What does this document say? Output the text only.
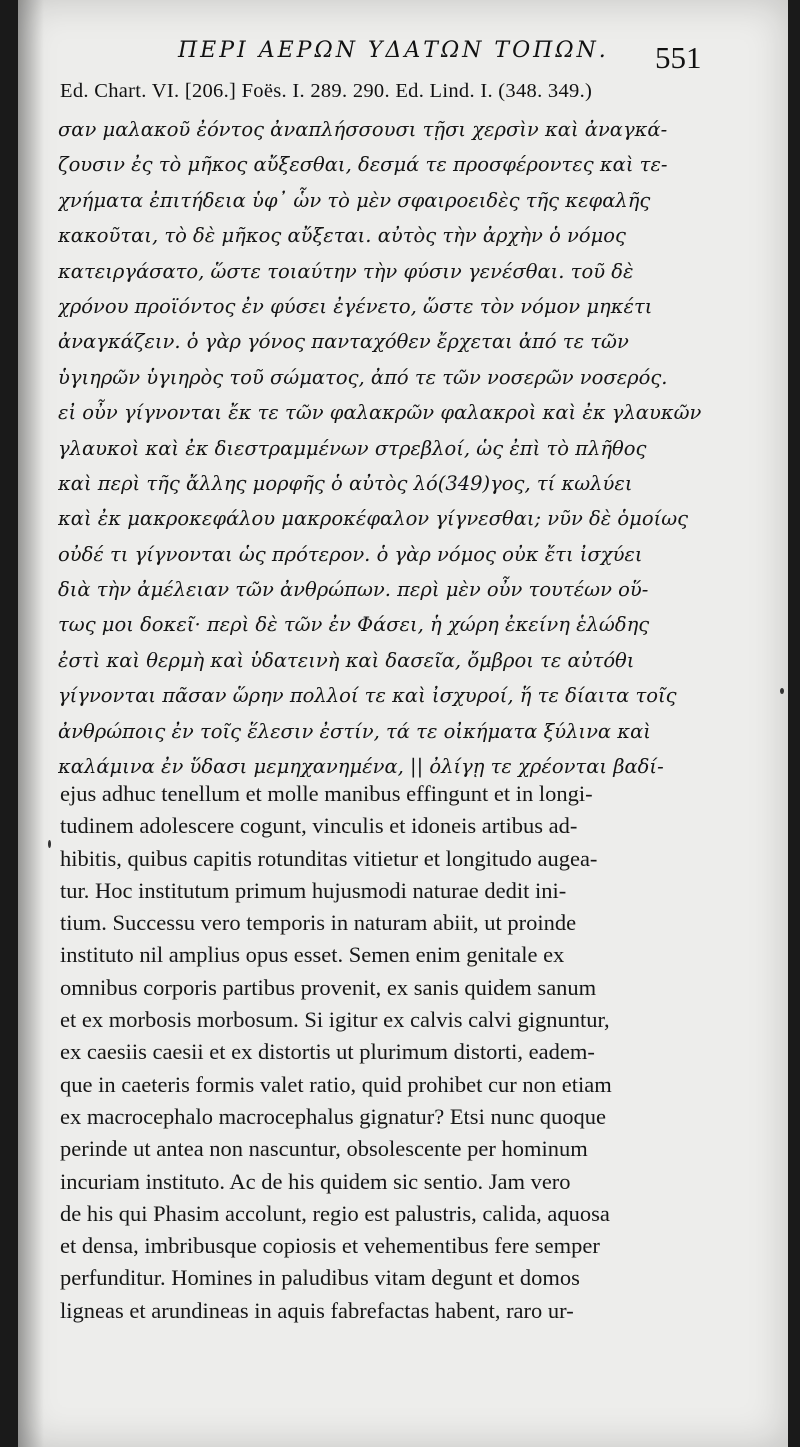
ΠΕΡΙ ΑΕΡΩΝ ΥΔΑΤΩΝ ΤΟΠΩΝ. 551
Ed. Chart. VI. [206.] Foës. I. 289. 290. Ed. Lind. I. (348. 349.)
σαν μαλακοῦ ἐόντος ἀναπλήσσουσι τῇσι χερσὶν καὶ ἀναγκά-
ζουσιν ἐς τὸ μῆκος αὔξεσθαι, δεσμά τε προσφέροντες καὶ τε-
χνήματα ἐπιτήδεια ὑφ᾽ ὧν τὸ μὲν σφαιροειδὲς τῆς κεφαλῆς
κακοῦται, τὸ δὲ μῆκος αὔξεται. αὐτὸς τὴν ἀρχὴν ὁ νόμος
κατειργάσατο, ὥστε τοιαύτην τὴν φύσιν γενέσθαι. τοῦ δὲ
χρόνου προϊόντος ἐν φύσει ἐγένετο, ὥστε τὸν νόμον μηκέτι
ἀναγκάζειν. ὁ γὰρ γόνος πανταχόθεν ἔρχεται ἀπό τε τῶν
ὑγιηρῶν ὑγιηρὸς τοῦ σώματος, ἀπό τε τῶν νοσερῶν νοσερός.
εἰ οὖν γίγνονται ἔκ τε τῶν φαλακρῶν φαλακροὶ καὶ ἐκ γλαυκῶν
γλαυκοὶ καὶ ἐκ διεστραμμένων στρεβλοί, ὡς ἐπὶ τὸ πλῆθος
καὶ περὶ τῆς ἄλλης μορφῆς ὁ αὐτὸς λό(349)γος, τί κωλύει
καὶ ἐκ μακροκεφάλου μακροκέφαλον γίγνεσθαι; νῦν δὲ ὁμοίως
οὐδέ τι γίγνονται ὡς πρότερον. ὁ γὰρ νόμος οὐκ ἔτι ἰσχύει
διὰ τὴν ἀμέλειαν τῶν ἀνθρώπων. περὶ μὲν οὖν τουτέων οὕ-
τως μοι δοκεῖ· περὶ δὲ τῶν ἐν Φάσει, ἡ χώρη ἐκείνη ἑλώδης
ἐστὶ καὶ θερμὴ καὶ ὑδατεινὴ καὶ δασεῖα, ὄμβροι τε αὐτόθι
γίγνονται πᾶσαν ὥρην πολλοί τε καὶ ἰσχυροί, ἥ τε δίαιτα τοῖς
ἀνθρώποις ἐν τοῖς ἕλεσιν ἐστίν, τά τε οἰκήματα ξύλινα καὶ
καλάμινα ἐν ὕδασι μεμηχανημένα, || ὀλίγῃ τε χρέονται βαδί-
ejus adhuc tenellum et molle manibus effingunt et in longi-
tudinem adolescere cogunt, vinculis et idoneis artibus ad-
hibitis, quibus capitis rotunditas vitietur et longitudo augea-
tur. Hoc institutum primum hujusmodi naturae dedit ini-
tium. Successu vero temporis in naturam abiit, ut proinde
instituto nil amplius opus esset. Semen enim genitale ex
omnibus corporis partibus provenit, ex sanis quidem sanum
et ex morbosis morbosum. Si igitur ex calvis calvi gignuntur,
ex caesiis caesii et ex distortis ut plurimum distorti, eadem-
que in caeteris formis valet ratio, quid prohibet cur non etiam
ex macrocephalo macrocephalus gignatur? Etsi nunc quoque
perinde ut antea non nascuntur, obsolescente per hominum
incuriam instituto. Ac de his quidem sic sentio. Jam vero
de his qui Phasim accolunt, regio est palustris, calida, aquosa
et densa, imbribusque copiosis et vehementibus fere semper
perfunditur. Homines in paludibus vitam degunt et domos
ligneas et arundineas in aquis fabrefactas habent, raro ur-
